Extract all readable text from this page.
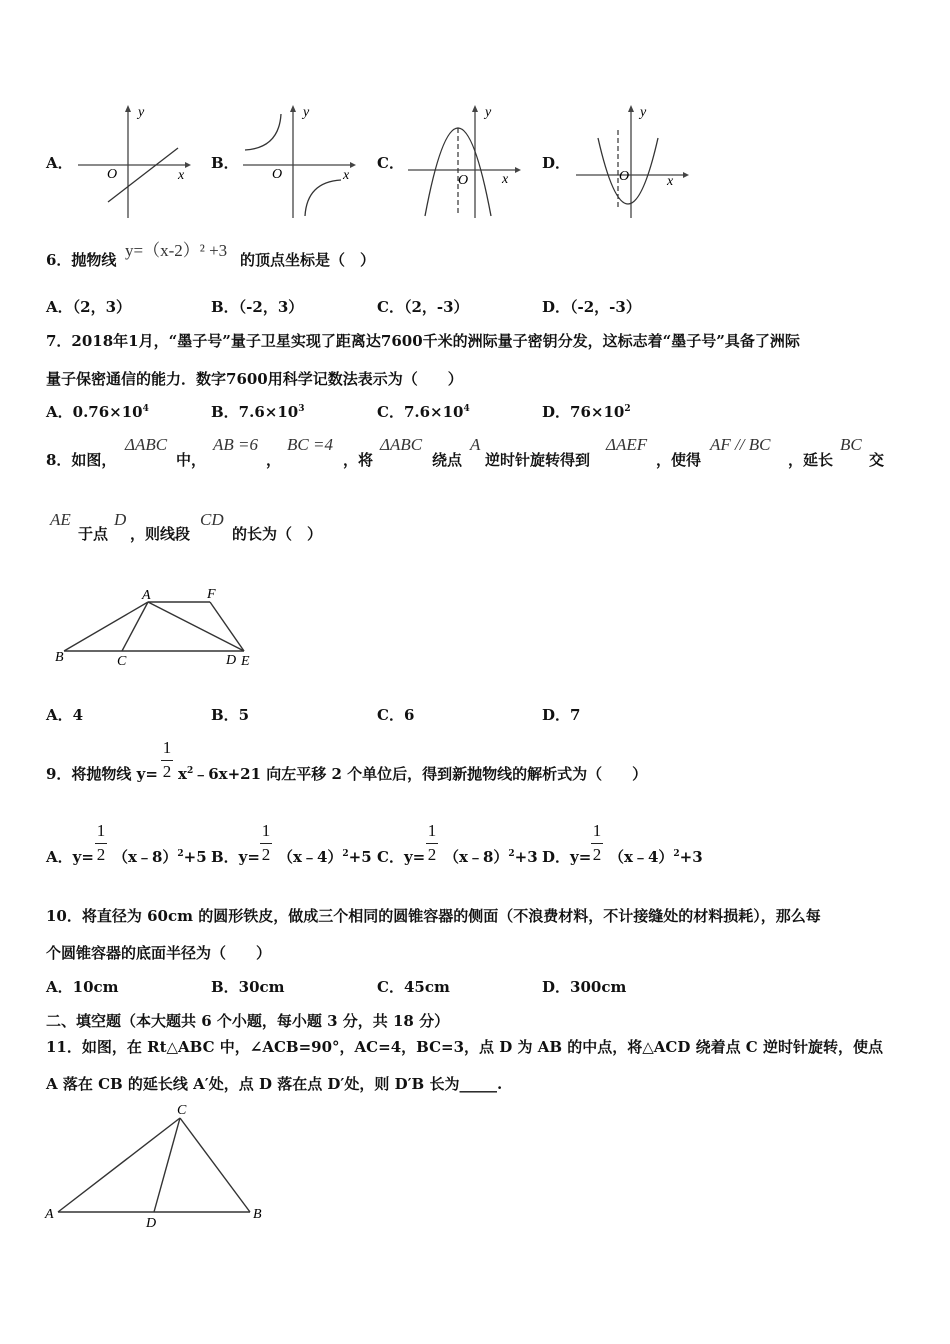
A．	B．	C．	D．
y
x
O
y
x
O
y
x
O
y
x
O
6．抛物线 y=（x-2）² +3 的顶点坐标是（　）
A．（2，3）	B．（-2，3）	C．（2，-3）	D．（-2，-3）
7．2018年1月，“墨子号”量子卫星实现了距离达7600千米的洲际量子密钥分发，这标志着“墨子号”具备了洲际
量子保密通信的能力．数字7600用科学记数法表示为（　　）
A．$0.76\times 10^4$	B．$7.6\times 10^3$	C．$7.6\times 10^4$	D．$76\times 10^2$
8．如图，
ΔABC
中，
AB =6
，
BC =4
，将
ΔABC
绕点
A
逆时针旋转得到
ΔAEF
，使得
AF // BC
，延长
BC
交
AE
于点
D
，则线段
CD
的长为（　）
A	F
B	C	D E
A．4	B．5	C．6	D．7
9．将抛物线 y=
1
2 $x^2﹣6x+21$ 向左平移 2 个单位后，得到新抛物线的解析式为（　　）
A．y=
1
2 （x﹣8）$^2$+5 B．y=
1
2 （x﹣4）$^2$+5 C．y=
1
2 （x﹣8）$^2$+3 D．y=
1
2 （x﹣4）$^2$+3
10．将直径为 60cm 的圆形铁皮，做成三个相同的圆锥容器的侧面（不浪费材料，不计接缝处的材料损耗），那么每
个圆锥容器的底面半径为（　　）
A．10cm	B．30cm	C．45cm	D．300cm
二、填空题（本大题共 6 个小题，每小题 3 分，共 18 分）
11．如图，在 Rt△ABC 中，∠ACB=90°，AC=4，BC=3，点 D 为 AB 的中点，将△ACD 绕着点 C 逆时针旋转，使点
A 落在 CB 的延长线 A′处，点 D 落在点 D′处，则 D′B 长为_____.
C
A
D
B
